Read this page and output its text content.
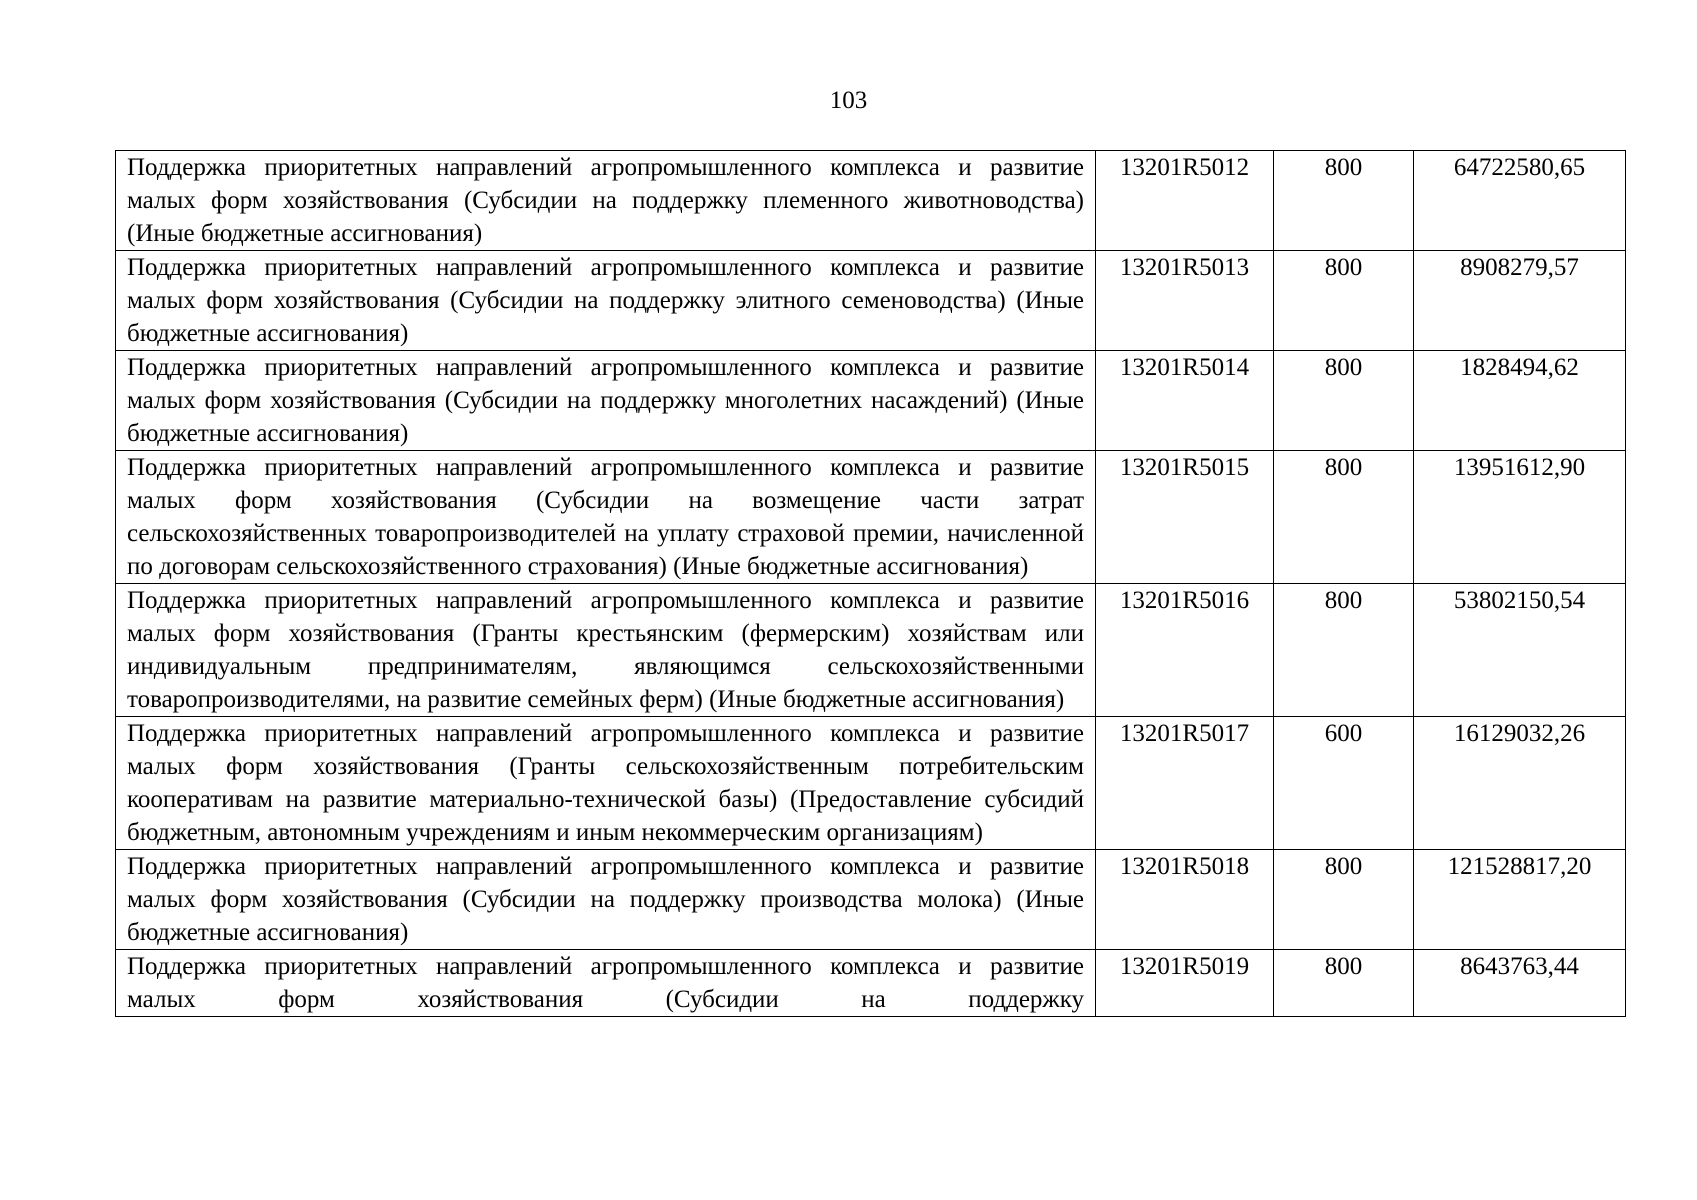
103
Поддержка приоритетных направлений агропромышленного комплекса и развитие малых форм хозяйствования (Субсидии на поддержку племенного животноводства) (Иные бюджетные ассигнования)	13201R5012	800	64722580,65
Поддержка приоритетных направлений агропромышленного комплекса и развитие малых форм хозяйствования (Субсидии на поддержку элитного семеноводства) (Иные бюджетные ассигнования)	13201R5013	800	8908279,57
Поддержка приоритетных направлений агропромышленного комплекса и развитие малых форм хозяйствования (Субсидии на поддержку многолетних насаждений) (Иные бюджетные ассигнования)	13201R5014	800	1828494,62
Поддержка приоритетных направлений агропромышленного комплекса и развитие малых форм хозяйствования (Субсидии на возмещение части затрат сельскохозяйственных товаропроизводителей на уплату страховой премии, начисленной по договорам сельскохозяйственного страхования) (Иные бюджетные ассигнования)	13201R5015	800	13951612,90
Поддержка приоритетных направлений агропромышленного комплекса и развитие малых форм хозяйствования (Гранты крестьянским (фермерским) хозяйствам или индивидуальным предпринимателям, являющимся сельскохозяйственными товаропроизводителями, на развитие семейных ферм) (Иные бюджетные ассигнования)	13201R5016	800	53802150,54
Поддержка приоритетных направлений агропромышленного комплекса и развитие малых форм хозяйствования (Гранты сельскохозяйственным потребительским кооперативам на развитие материально-технической базы) (Предоставление субсидий бюджетным, автономным учреждениям и иным некоммерческим организациям)	13201R5017	600	16129032,26
Поддержка приоритетных направлений агропромышленного комплекса и развитие малых форм хозяйствования (Субсидии на поддержку производства молока) (Иные бюджетные ассигнования)	13201R5018	800	121528817,20
Поддержка приоритетных направлений агропромышленного комплекса и развитие малых форм хозяйствования (Субсидии на поддержку	13201R5019	800	8643763,44
